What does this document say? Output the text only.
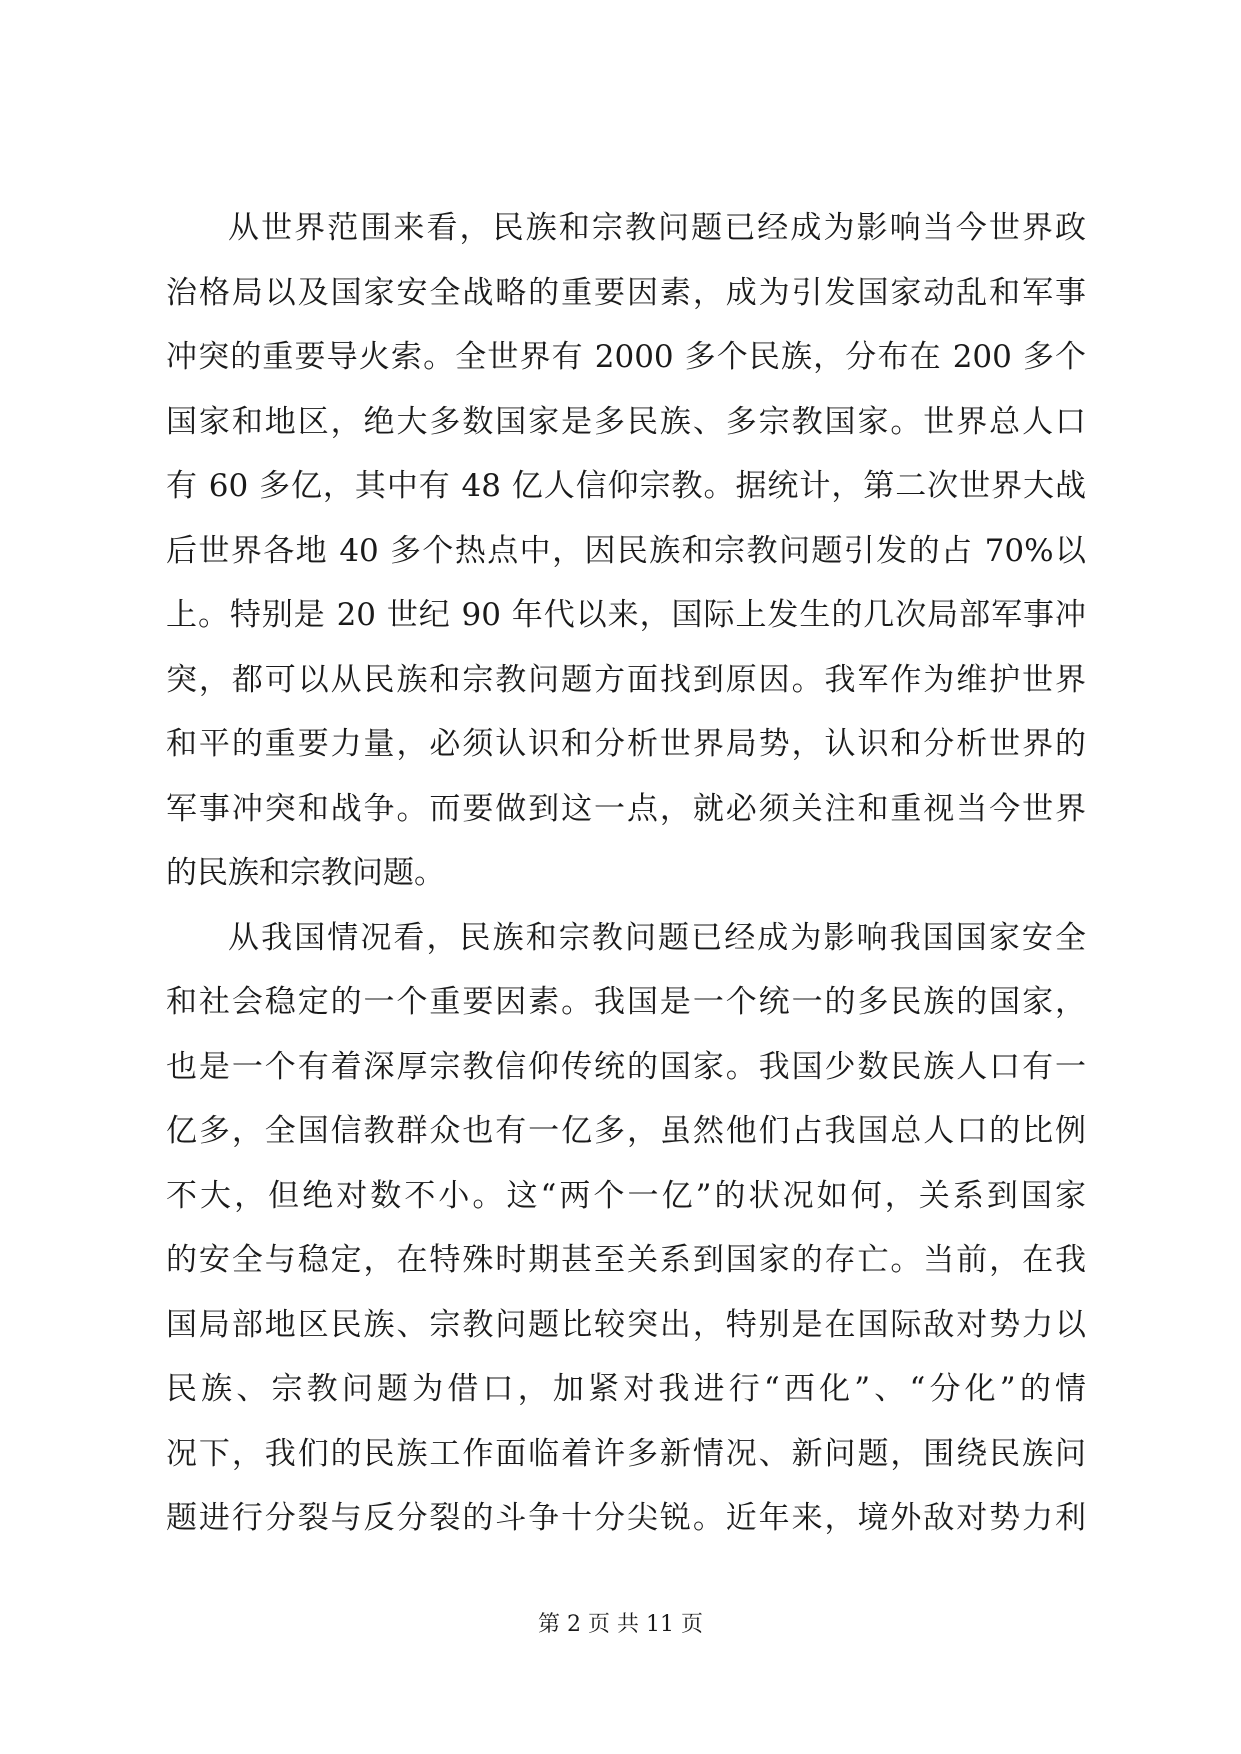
从世界范围来看，民族和宗教问题已经成为影响当今世界政
治格局以及国家安全战略的重要因素，成为引发国家动乱和军事
冲突的重要导火索。全世界有 2000 多个民族，分布在 200 多个
国家和地区，绝大多数国家是多民族、多宗教国家。世界总人口
有 60 多亿，其中有 48 亿人信仰宗教。据统计，第二次世界大战
后世界各地 40 多个热点中，因民族和宗教问题引发的占 70%以
上。特别是 20 世纪 90 年代以来，国际上发生的几次局部军事冲
突，都可以从民族和宗教问题方面找到原因。我军作为维护世界
和平的重要力量，必须认识和分析世界局势，认识和分析世界的
军事冲突和战争。而要做到这一点，就必须关注和重视当今世界
的民族和宗教问题。
从我国情况看，民族和宗教问题已经成为影响我国国家安全
和社会稳定的一个重要因素。我国是一个统一的多民族的国家，
也是一个有着深厚宗教信仰传统的国家。我国少数民族人口有一
亿多，全国信教群众也有一亿多，虽然他们占我国总人口的比例
不大，但绝对数不小。这“两个一亿”的状况如何，关系到国家
的安全与稳定，在特殊时期甚至关系到国家的存亡。当前，在我
国局部地区民族、宗教问题比较突出，特别是在国际敌对势力以
民族、宗教问题为借口，加紧对我进行“西化”、“分化”的情
况下，我们的民族工作面临着许多新情况、新问题，围绕民族问
题进行分裂与反分裂的斗争十分尖锐。近年来，境外敌对势力利
第 2 页 共 11 页
